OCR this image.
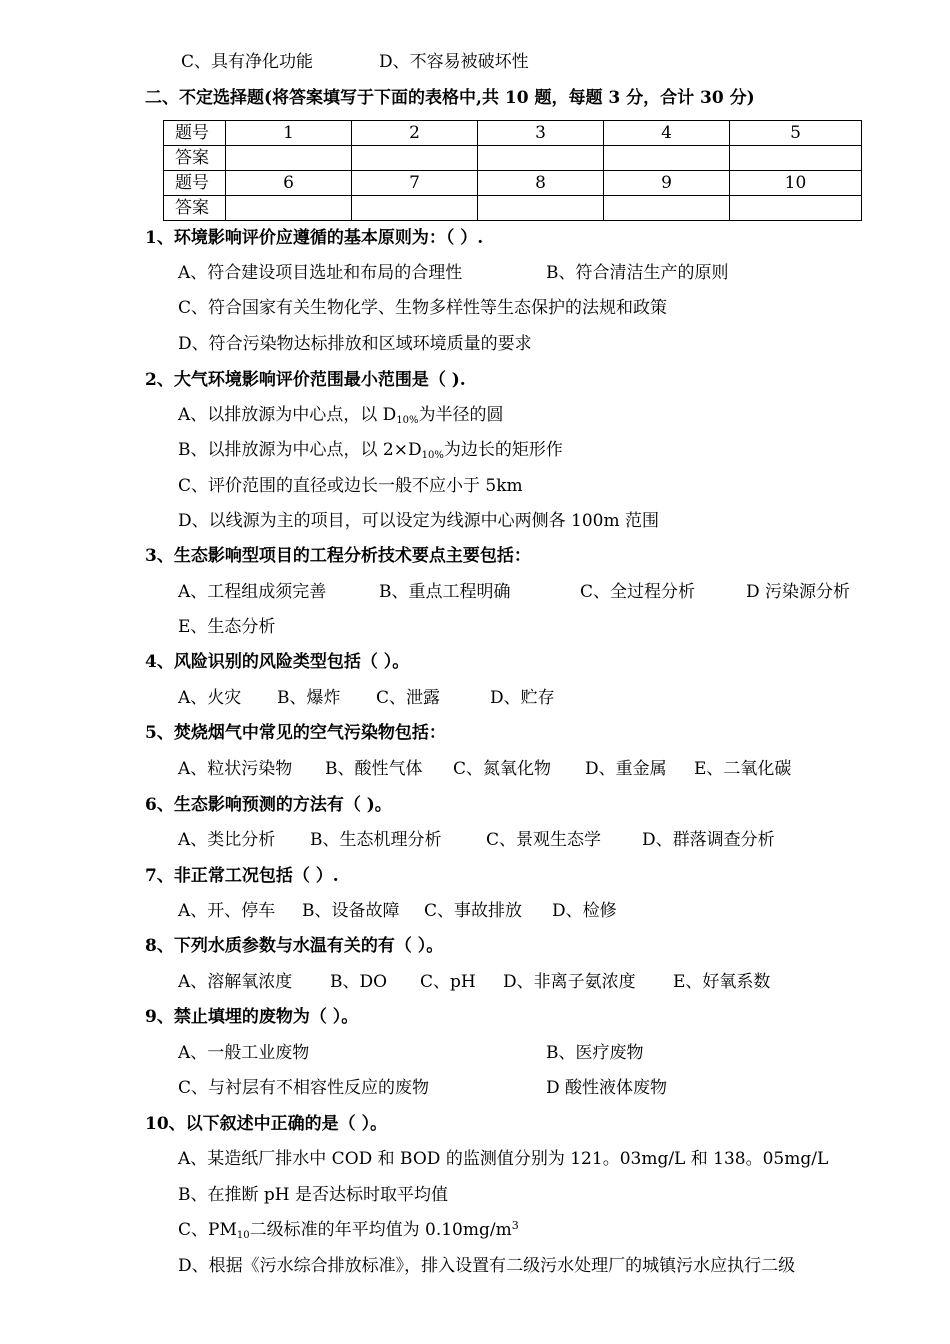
C、具有净化功能	D、不容易被破坏性
二、不定选择题(将答案填写于下面的表格中,共 10 题，每题 3 分，合计 30 分)
题号	1	2	3	4	5
答案					
题号	6	7	8	9	10
答案					
1、环境影响评价应遵循的基本原则为：（ ）.
A、符合建设项目选址和布局的合理性	B、符合清洁生产的原则
C、符合国家有关生物化学、生物多样性等生态保护的法规和政策
D、符合污染物达标排放和区域环境质量的要求
2、大气环境影响评价范围最小范围是（ ).
A、以排放源为中心点，以 $D_{10\%}$为半径的圆
B、以排放源为中心点，以 $2\times D_{10\%}$为边长的矩形作
C、评价范围的直径或边长一般不应小于 5km
D、以线源为主的项目，可以设定为线源中心两侧各 100m 范围
3、生态影响型项目的工程分析技术要点主要包括：
A、工程组成须完善	B、重点工程明确	C、全过程分析	D 污染源分析
E、生态分析
4、风险识别的风险类型包括（ ）。
A、火灾 B、爆炸 C、泄露	D、贮存
5、焚烧烟气中常见的空气污染物包括：
A、粒状污染物 B、酸性气体 C、氮氧化物 D、重金属 E、二氧化碳
6、生态影响预测的方法有（ )。
A、类比分析 B、生态机理分析	C、景观生态学 D、群落调查分析
7、非正常工况包括（ ）.
A、开、停车 B、设备故障 C、事故排放 D、检修
8、下列水质参数与水温有关的有（ ）。
A、溶解氧浓度 B、DO C、pH D、非离子氨浓度 E、好氧系数
9、禁止填埋的废物为（ ）。
A、一般工业废物	B、医疗废物
C、与衬层有不相容性反应的废物	D 酸性液体废物
10、以下叙述中正确的是（ ）。
A、某造纸厂排水中 COD 和 BOD 的监测值分别为 121。03mg/L 和 138。05mg/L
B、在推断 pH 是否达标时取平均值
C、$PM_{10}$二级标准的年平均值为 $0.10mg/m^3$
D、根据《污水综合排放标准》，排入设置有二级污水处理厂的城镇污水应执行二级
